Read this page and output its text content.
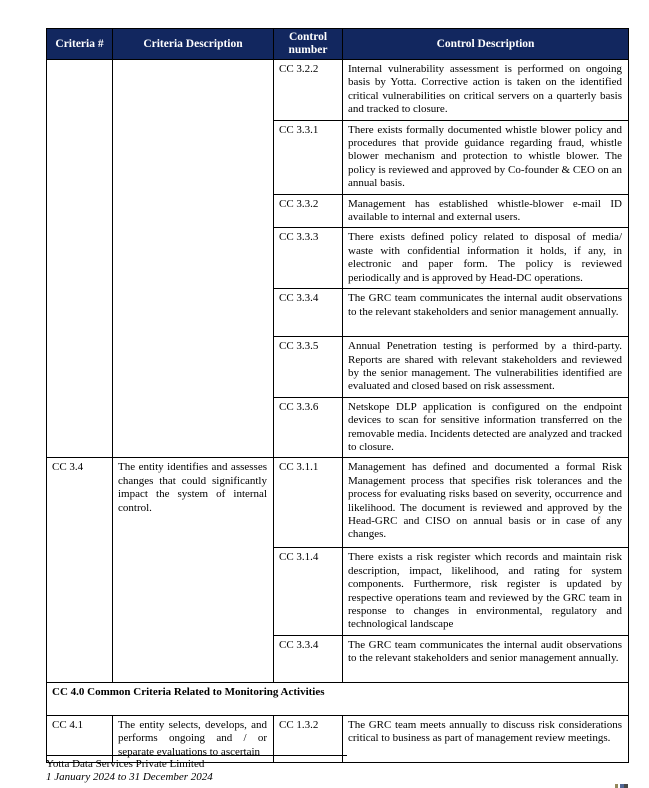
Criteria #	Criteria Description	Control number	Control Description
		CC 3.2.2	Internal vulnerability assessment is performed on ongoing basis by Yotta. Corrective action is taken on the identified critical vulnerabilities on critical servers on a quarterly basis and tracked to closure.
		CC 3.3.1	There exists formally documented whistle blower policy and procedures that provide guidance regarding fraud, whistle blower mechanism and protection to whistle blower. The policy is reviewed and approved by Co-founder & CEO on an annual basis.
		CC 3.3.2	Management has established whistle-blower e-mail ID available to internal and external users.
		CC 3.3.3	There exists defined policy related to disposal of media/ waste with confidential information it holds, if any, in electronic and paper form. The policy is reviewed periodically and is approved by Head-DC operations.
		CC 3.3.4	The GRC team communicates the internal audit observations to the relevant stakeholders and senior management annually.
		CC 3.3.5	Annual Penetration testing is performed by a third-party. Reports are shared with relevant stakeholders and reviewed by the senior management. The vulnerabilities identified are evaluated and closed based on risk assessment.
		CC 3.3.6	Netskope DLP application is configured on the endpoint devices to scan for sensitive information transferred on the removable media. Incidents detected are analyzed and tracked to closure.
CC 3.4	The entity identifies and assesses changes that could significantly impact the system of internal control.	CC 3.1.1	Management has defined and documented a formal Risk Management process that specifies risk tolerances and the process for evaluating risks based on severity, occurrence and likelihood. The document is reviewed and approved by the Head-GRC and CISO on annual basis or in case of any changes.
		CC 3.1.4	There exists a risk register which records and maintain risk description, impact, likelihood, and rating for system components. Furthermore, risk register is updated by respective operations team and reviewed by the GRC team in response to changes in environmental, regulatory and technological landscape
		CC 3.3.4	The GRC team communicates the internal audit observations to the relevant stakeholders and senior management annually.
CC 4.0 Common Criteria Related to Monitoring Activities			
CC 4.1	The entity selects, develops, and performs ongoing and / or separate evaluations to ascertain	CC 1.3.2	The GRC team meets annually to discuss risk considerations critical to business as part of management review meetings.
Yotta Data Services Private Limited
1 January 2024 to 31 December 2024
